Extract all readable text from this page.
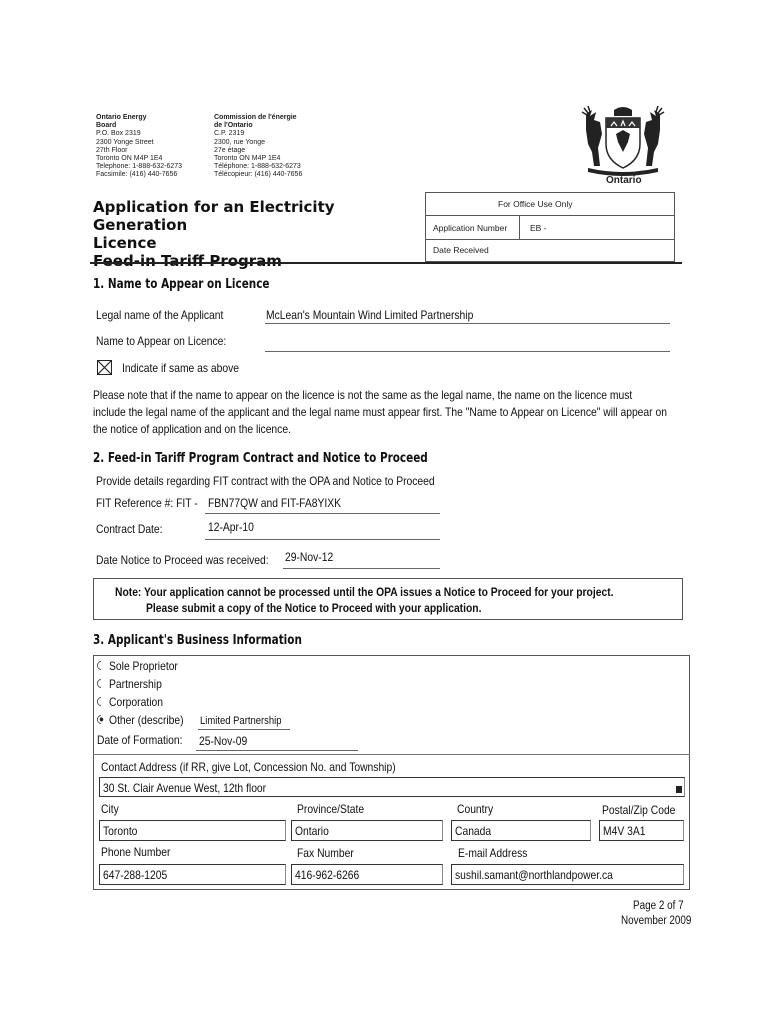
Ontario Energy
Board
P.O. Box 2319
2300 Yonge Street
27th Floor
Toronto ON M4P 1E4
Telephone: 1-888-632-6273
Facsimile: (416) 440-7656
Commission de l'énergie
de l'Ontario
C.P. 2319
2300, rue Yonge
27e étage
Toronto ON M4P 1E4
Téléphone: 1-888-632-6273
Télécopieur: (416) 440-7656
Ontario
Application for an Electricity Generation
Licence
Feed-in Tariff Program
For Office Use Only
Application Number	EB -
Date Received
1. Name to Appear on Licence
Legal name of the Applicant	McLean's Mountain Wind Limited Partnership
Name to Appear on Licence:
Indicate if same as above
Please note that if the name to appear on the licence is not the same as the legal name, the name on the licence must include the legal name of the applicant and the legal name must appear first. The "Name to Appear on Licence" will appear on the notice of application and on the licence.
2. Feed-in Tariff Program Contract and Notice to Proceed
Provide details regarding FIT contract with the OPA and Notice to Proceed
FIT Reference #: FIT - FBN77QW and FIT-FA8YIXK
Contract Date:	12-Apr-10
Date Notice to Proceed was received: 29-Nov-12
Note: Your application cannot be processed until the OPA issues a Notice to Proceed for your project.
Please submit a copy of the Notice to Proceed with your application.
3. Applicant's Business Information
Sole Proprietor
Partnership
Corporation
Other (describe) Limited Partnership
Date of Formation: 25-Nov-09
Contact Address (if RR, give Lot, Concession No. and Township)
30 St. Clair Avenue West, 12th floor
City	Province/State	Country	Postal/Zip Code
Toronto	Ontario	Canada	M4V 3A1
Phone Number	Fax Number	E-mail Address
647-288-1205	416-962-6266	sushil.samant@northlandpower.ca
Page 2 of 7
November 2009
